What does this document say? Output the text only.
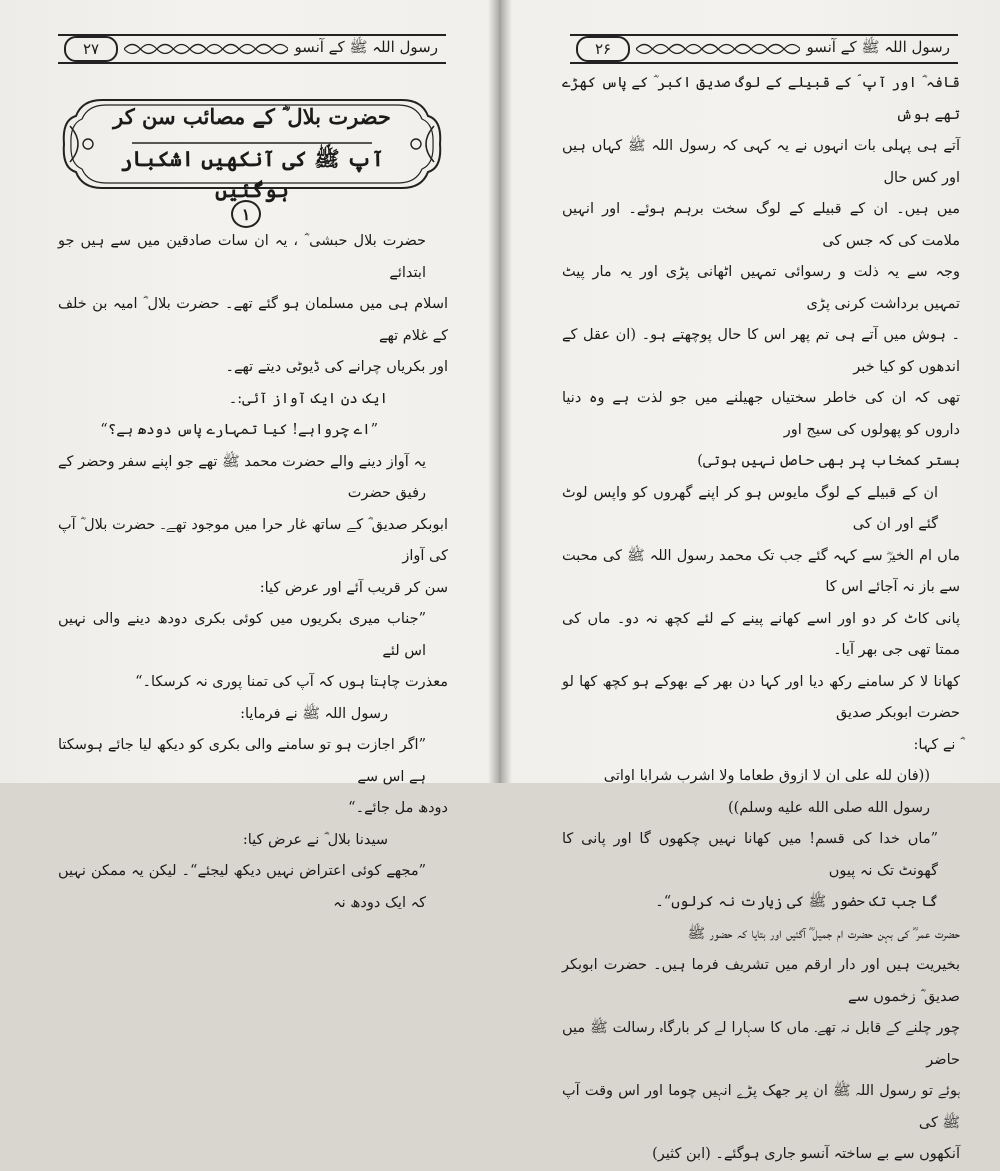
۲۷	رسول اللہ ﷺ کے آنسو
حضرت بلال ؓ کے مصائب سن کر
آپ ﷺ کی آنکھیں اشکبار ہوگئیں
۱

حضرت بلال حبشی ؓ ، یہ ان سات صادقین میں سے ہیں جو ابتدائے

اسلام ہی میں مسلمان ہو گئے تھے۔ حضرت بلال ؓ امیہ بن خلف کے غلام تھے

اور بکریاں چرانے کی ڈیوٹی دیتے تھے۔

ایک دن ایک آواز آئی:۔

”اے چرواہے! کیا تمہارے پاس دودھ ہے؟“

یہ آواز دینے والے حضرت محمد ﷺ تھے جو اپنے سفر وحضر کے رفیق حضرت

ابوبکر صدیق ؓ کے ساتھ غار حرا میں موجود تھے۔ حضرت بلال ؓ آپ کی آواز

سن کر قریب آئے اور عرض کیا:

”جناب میری بکریوں میں کوئی بکری دودھ دینے والی نہیں اس لئے

معذرت چاہتا ہوں کہ آپ کی تمنا پوری نہ کرسکا۔“

رسول اللہ ﷺ نے فرمایا:

”اگر اجازت ہو تو سامنے والی بکری کو دیکھ لیا جائے ہوسکتا ہے اس سے

دودھ مل جائے۔“

سیدنا بلال ؓ نے عرض کیا:

”مجھے کوئی اعتراض نہیں دیکھ لیجئے“۔ لیکن یہ ممکن نہیں کہ ایک دودھ نہ

۲۶	رسول اللہ ﷺ کے آنسو

قافہ ؓ اور آپ ؐ کے قبیلے کے لوگ صدیق اکبر ؓ کے پاس کھڑے تھے ہوش

آتے ہی پہلی بات انہوں نے یہ کہی کہ رسول اللہ ﷺ کہاں ہیں اور کس حال

میں ہیں۔ ان کے قبیلے کے لوگ سخت برہم ہوئے۔ اور انہیں ملامت کی کہ جس کی

وجہ سے یہ ذلت و رسوائی تمہیں اٹھانی پڑی اور یہ مار پیٹ تمہیں برداشت کرنی پڑی

۔ ہوش میں آتے ہی تم پھر اس کا حال پوچھتے ہو۔ (ان عقل کے اندھوں کو کیا خبر

تھی کہ ان کی خاطر سختیاں جھیلنے میں جو لذت ہے وہ دنیا داروں کو پھولوں کی سیج اور

بستر کمخاب پر بھی حاصل نہیں ہوتی)

ان کے قبیلے کے لوگ مایوس ہو کر اپنے گھروں کو واپس لوٹ گئے اور ان کی

ماں ام الخیرؓ سے کہہ گئے جب تک محمد رسول اللہ ﷺ کی محبت سے باز نہ آجائے اس کا

پانی کاٹ کر دو اور اسے کھانے پینے کے لئے کچھ نہ دو۔ ماں کی ممتا تھی جی بھر آیا۔

کھانا لا کر سامنے رکھ دیا اور کہا دن بھر کے بھوکے ہو کچھ کھا لو حضرت ابوبکر صدیق

ؓ نے کہا:

((فان لله علی ان لا ازوق طعاما ولا اشرب شرابا اواتی

رسول الله صلی الله علیه وسلم))

”ماں خدا کی قسم! میں کھانا نہیں چکھوں گا اور پانی کا گھونٹ تک نہ پیوں

گا جب تک حضور ﷺ کی زیارت نہ کرلوں“۔

حضرت عمر ؓ کی بہن حضرت ام جمیل ؓ آگئیں اور بتایا کہ حضور ﷺ

بخیریت ہیں اور دار ارقم میں تشریف فرما ہیں۔ حضرت ابوبکر صدیق ؓ زخموں سے

چور چلنے کے قابل نہ تھے۔ ماں کا سہارا لے کر بارگاہ رسالت ﷺ میں حاضر

ہوئے تو رسول اللہ ﷺ ان پر جھک پڑے انہیں چوما اور اس وقت آپ ﷺ کی

آنکھوں سے بے ساختہ آنسو جاری ہوگئے۔ (ابن کثیر)
